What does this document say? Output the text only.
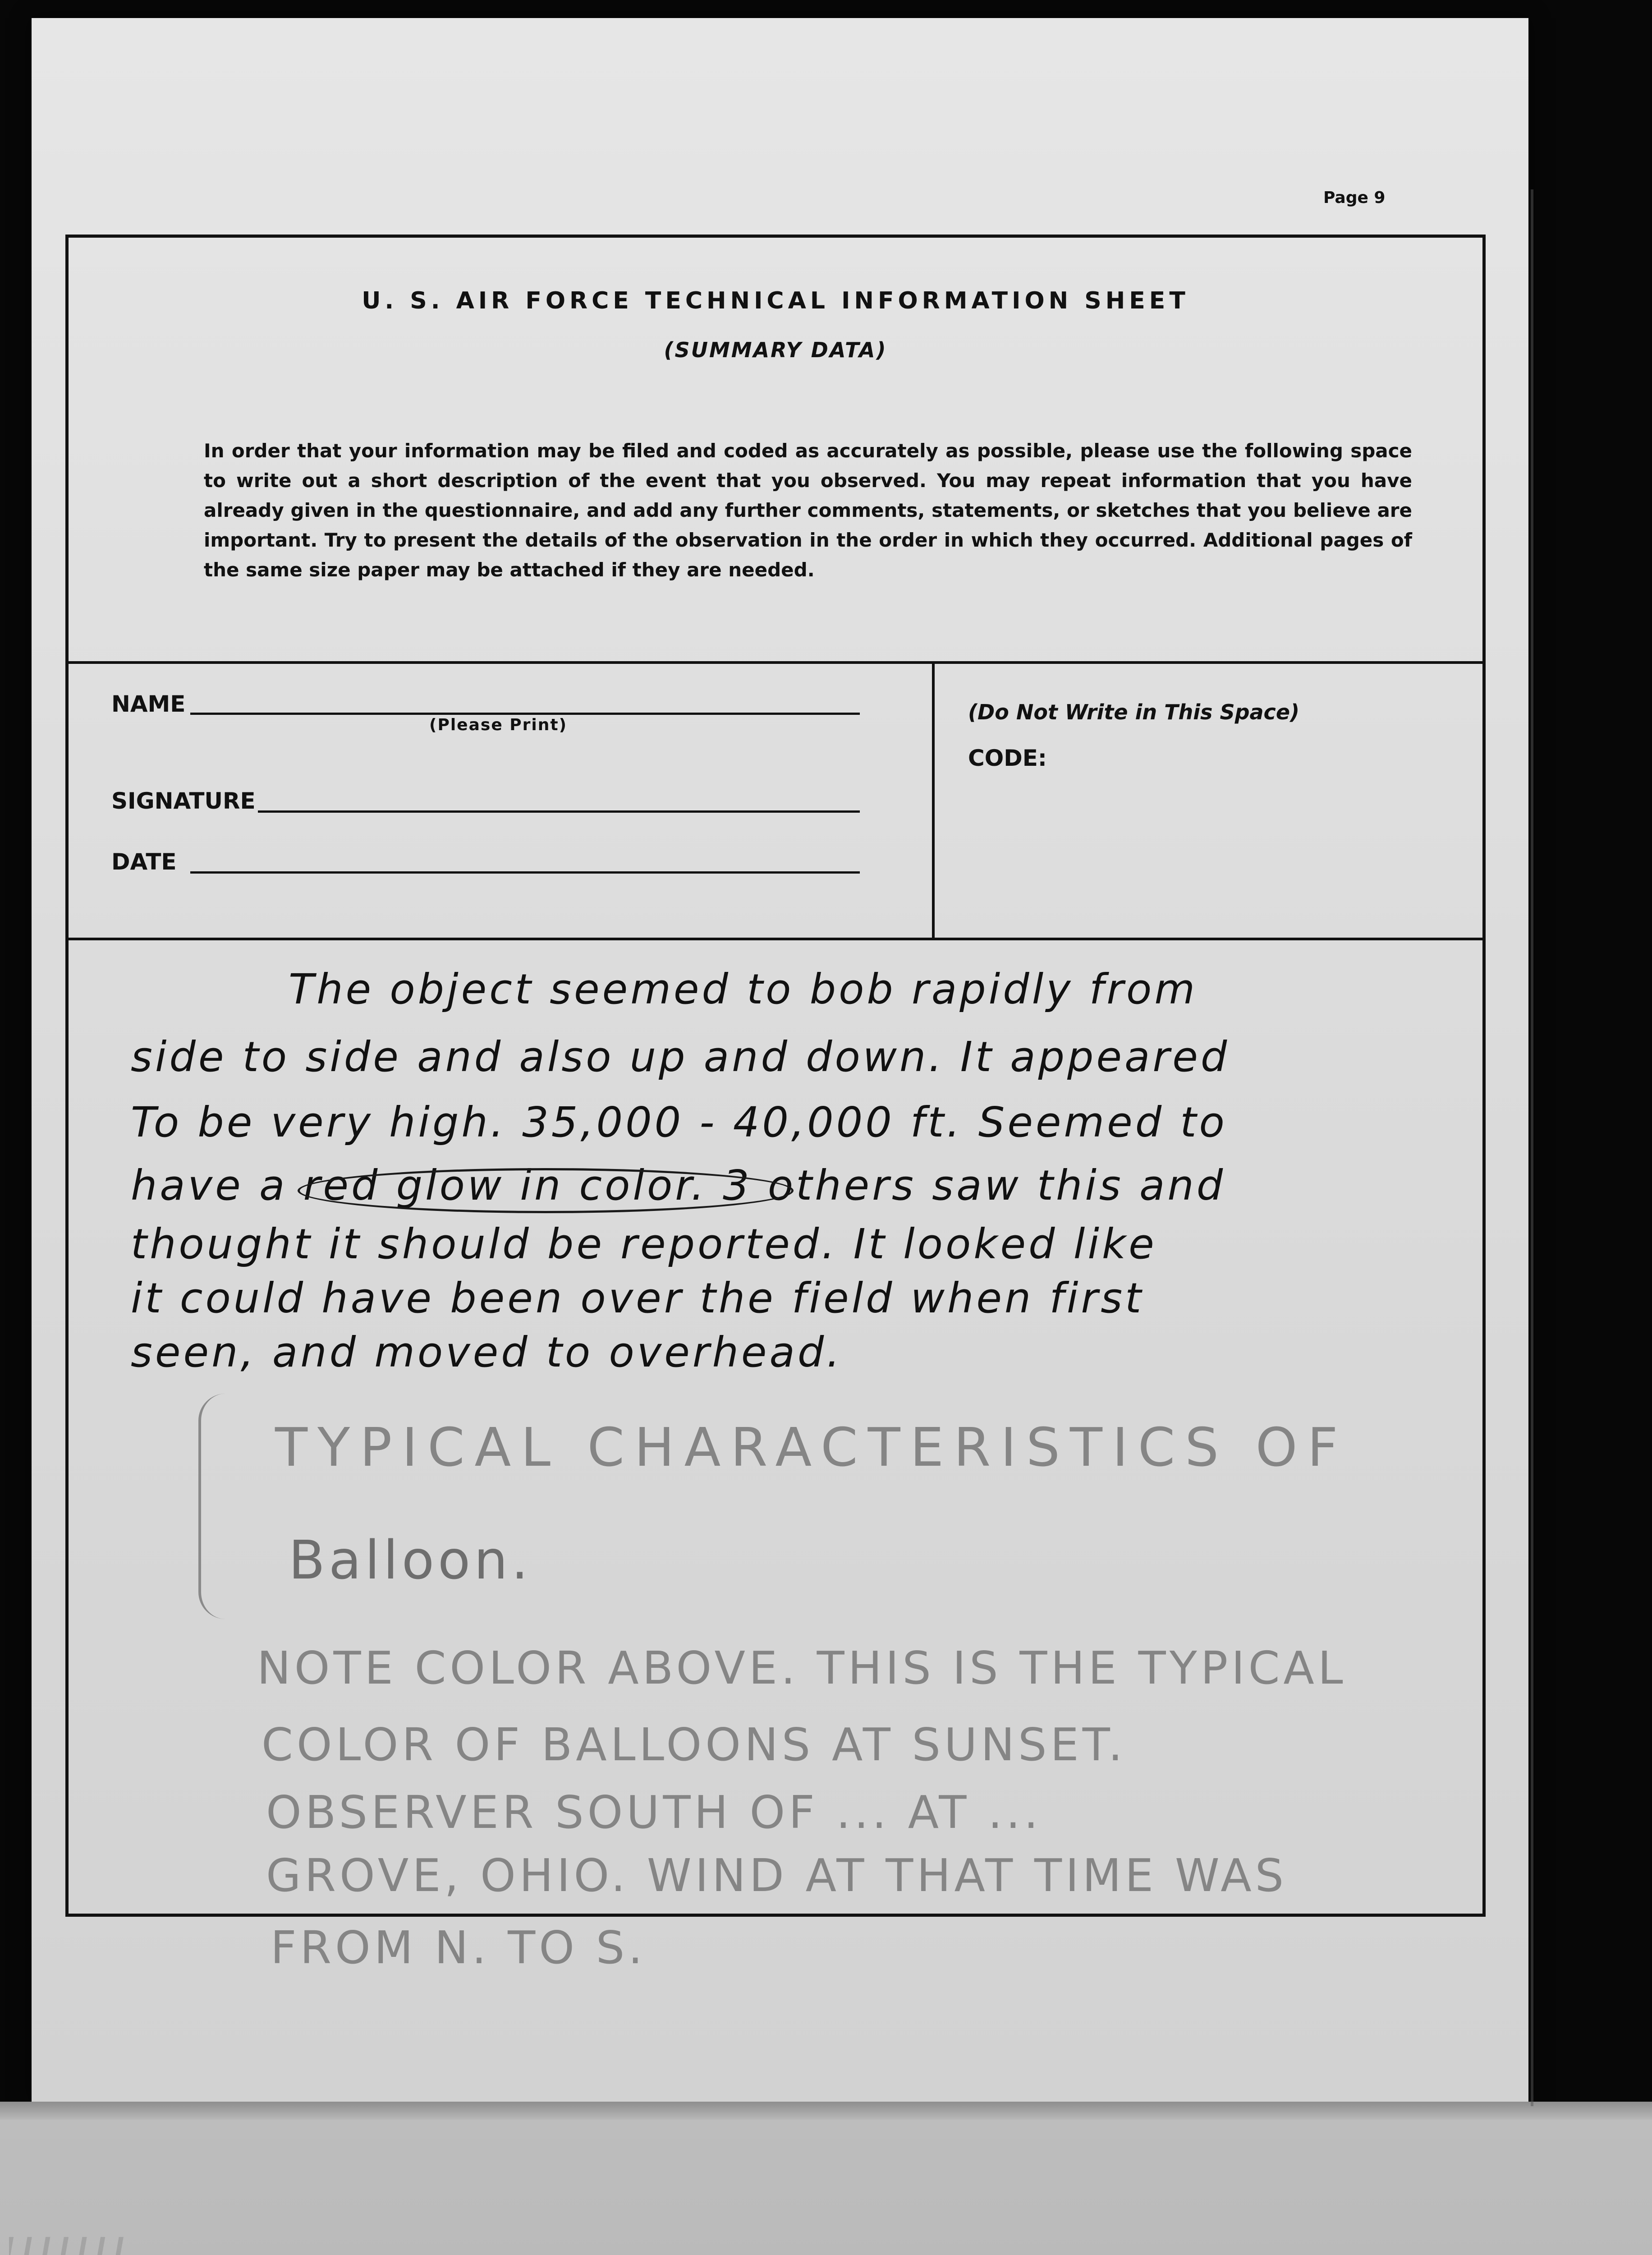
Page 9
U. S. AIR FORCE TECHNICAL INFORMATION SHEET
(SUMMARY DATA)
In order that your information may be filed and coded as accurately as possible, please use the following space to write out a short description of the event that you observed. You may repeat information that you have already given in the questionnaire, and add any further comments, statements, or sketches that you believe are important. Try to present the details of the observation in the order in which they occurred. Additional pages of the same size paper may be attached if they are needed.
NAME
(Please Print)
SIGNATURE
DATE
(Do Not Write in This Space)
CODE:
The object seemed to bob rapidly from
side to side and also up and down. It appeared
To be very high. 35,000 - 40,000 ft. Seemed to
have a red glow in color. 3 others saw this and
thought it should be reported. It looked like
it could have been over the field when first
seen, and moved to overhead.
TYPICAL CHARACTERISTICS OF
Balloon.
NOTE COLOR ABOVE. THIS IS THE TYPICAL
COLOR OF BALLOONS AT SUNSET.
OBSERVER SOUTH OF ... AT ...
GROVE, OHIO. WIND AT THAT TIME WAS
FROM N. TO S.
